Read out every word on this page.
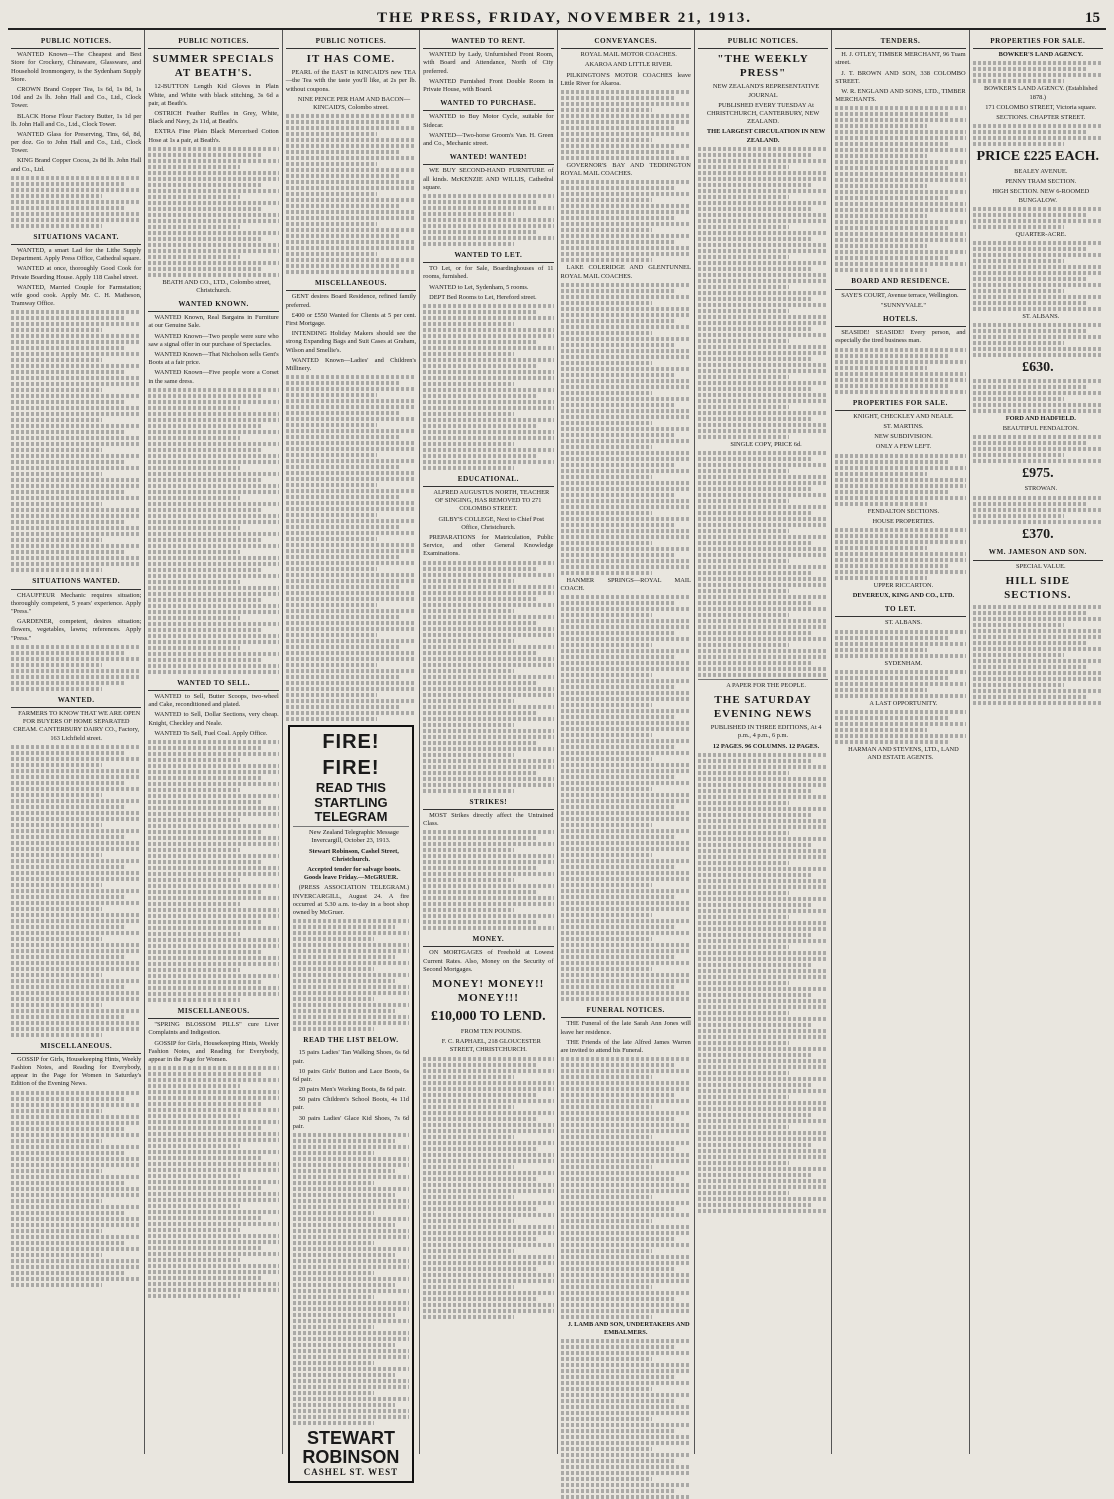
THE PRESS, FRIDAY, NOVEMBER 21, 1913.	15
PUBLIC NOTICES.

WANTED Known—The Cheapest and Best Store for Crockery, Chinaware, Glassware, and Household Ironmongery, is the Sydenham Supply Store.

CROWN Brand Copper Tea, 1s 6d, 1s 8d, 1s 10d and 2s lb. John Hall and Co., Ltd., Clock Tower.

BLACK Horse Flour Factory Butter, 1s 1d per lb. John Hall and Co., Ltd., Clock Tower.

WANTED Glass for Preserving, Tins, 6d, 8d, per doz. Go to John Hall and Co., Ltd., Clock Tower.

KING Brand Copper Cocoa, 2s 8d lb. John Hall and Co., Ltd.

SITUATIONS VACANT.

WANTED, a smart Lad for the Lithe Supply Department. Apply Press Office, Cathedral square.

WANTED at once, thoroughly Good Cook for Private Boarding House. Apply 118 Cashel street.

WANTED, Married Couple for Farmstation; wife good cook. Apply Mr. C. H. Matheson, Tramway Office.

SITUATIONS WANTED.

CHAUFFEUR Mechanic requires situation; thoroughly competent, 5 years' experience. Apply "Press."

GARDENER, competent, desires situation; flowers, vegetables, lawns; references. Apply "Press."

WANTED.

FARMERS TO KNOW THAT WE ARE OPEN FOR BUYERS OF HOME SEPARATED CREAM. CANTERBURY DAIRY CO., Factory, 163 Lichfield street.

MISCELLANEOUS.

GOSSIP for Girls, Housekeeping Hints, Weekly Fashion Notes, and Reading for Everybody, appear in the Page for Women in Saturday's Edition of the Evening News.

PUBLIC NOTICES.
SUMMER SPECIALS AT BEATH'S.

12-BUTTON Length Kid Gloves in Plain White, and White with black stitching, 3s 6d a pair, at Beath's.

OSTRICH Feather Ruffles in Grey, White, Black and Navy, 2s 11d, at Beath's.

EXTRA Fine Plain Black Mercerised Cotton Hose at 1s a pair, at Beath's.

BEATH AND CO., LTD., Colombo street, Christchurch.

WANTED KNOWN.

WANTED Known, Real Bargains in Furniture at our Genuine Sale.

WANTED Known—Two people were sure who saw a signal offer in our purchase of Spectacles.

WANTED Known—That Nicholson sells Gent's Boots at a fair price.

WANTED Known—Five people wore a Corset in the same dress.

WANTED TO SELL.

WANTED to Sell, Butter Scoops, two-wheel and Cake, reconditioned and plated.

WANTED to Sell, Dollar Sections, very cheap. Knight, Checkley and Neale.

WANTED To Sell, Fuel Coal. Apply Office.

MISCELLANEOUS.

"SPRING BLOSSOM PILLS" cure Liver Complaints and Indigestion.

GOSSIP for Girls, Housekeeping Hints, Weekly Fashion Notes, and Reading for Everybody, appear in the Page for Women.

PUBLIC NOTICES.
IT HAS COME.

PEARL of the EAST in KINCAID'S new TEA—the Tea with the taste you'll like, at 2s per lb. without coupons.

NINE PENCE PER HAM AND BACON—KINCAID'S, Colombo street.

MISCELLANEOUS.

GENT desires Board Residence, refined family preferred.

£400 or £550 Wanted for Clients at 5 per cent. First Mortgage.

INTENDING Holiday Makers should see the strong Expanding Bags and Suit Cases at Graham, Wilson and Smellie's.

WANTED Known—Ladies' and Children's Millinery.

FIRE! FIRE!
READ THIS
STARTLING TELEGRAM

New Zealand Telegraphic Message Invercargill, October 23, 1913.

Stewart Robinson, Cashel Street, Christchurch.

Accepted tender for salvage boots. Goods leave Friday.—McGRUER.

(PRESS ASSOCIATION TELEGRAM.) INVERCARGILL, August 24. A fire occurred at 5.30 a.m. to-day in a boot shop owned by McGruer.

READ THE LIST BELOW.

15 pairs Ladies' Tan Walking Shoes, 6s 6d pair.

10 pairs Girls' Button and Lace Boots, 6s 6d pair.

20 pairs Men's Working Boots, 8s 6d pair.

50 pairs Children's School Boots, 4s 11d pair.

30 pairs Ladies' Glace Kid Shoes, 7s 6d pair.

STEWART ROBINSON
CASHEL ST. WEST
WANTED TO RENT.

WANTED by Lady, Unfurnished Front Room, with Board and Attendance, North of City preferred.

WANTED Furnished Front Double Room in Private House, with Board.

WANTED TO PURCHASE.

WANTED to Buy Motor Cycle, suitable for Sidecar.

WANTED—Two-horse Groom's Van. H. Green and Co., Mechanic street.

WANTED! WANTED!

WE BUY SECOND-HAND FURNITURE of all kinds. McKENZIE AND WILLIS, Cathedral square.

WANTED TO LET.

TO Let, or for Sale, Boardinghouses of 11 rooms, furnished.

WANTED to Let, Sydenham, 5 rooms.

DEPT Bed Rooms to Let, Hereford street.

EDUCATIONAL.

ALFRED AUGUSTUS NORTH, TEACHER OF SINGING, HAS REMOVED TO 271 COLOMBO STREET.

GILBY'S COLLEGE, Next to Chief Post Office, Christchurch.

PREPARATIONS for Matriculation, Public Service, and other General Knowledge Examinations.

STRIKES!

MOST Strikes directly affect the Untrained Class.

MONEY.

ON MORTGAGES of Freehold at Lowest Current Rates. Also, Money on the Security of Second Mortgages.

MONEY! MONEY!! MONEY!!!
£10,000 TO LEND.

FROM TEN POUNDS.

F. C. RAPHAEL, 218 GLOUCESTER STREET, CHRISTCHURCH.

CONVEYANCES.

ROYAL MAIL MOTOR COACHES.

AKAROA AND LITTLE RIVER.

PILKINGTON'S MOTOR COACHES leave Little River for Akaroa.

GOVERNOR'S BAY AND TEDDINGTON ROYAL MAIL COACHES.

LAKE COLERIDGE AND GLENTUNNEL ROYAL MAIL COACHES.

HANMER SPRINGS—ROYAL MAIL COACH.

FUNERAL NOTICES.

THE Funeral of the late Sarah Ann Jones will leave her residence.

THE Friends of the late Alfred James Warren are invited to attend his Funeral.

J. LAMB AND SON, UNDERTAKERS AND EMBALMERS.

PUBLIC NOTICES.
"THE WEEKLY PRESS"

NEW ZEALAND'S REPRESENTATIVE JOURNAL

PUBLISHED EVERY TUESDAY At CHRISTCHURCH, CANTERBURY, NEW ZEALAND.

THE LARGEST CIRCULATION IN NEW ZEALAND.

SINGLE COPY, PRICE 6d.

A PAPER FOR THE PEOPLE.

THE SATURDAY EVENING NEWS

PUBLISHED IN THREE EDITIONS, At 4 p.m., 4 p.m., 6 p.m.

12 PAGES. 96 COLUMNS. 12 PAGES.

TENDERS.

H. J. OTLEY, TIMBER MERCHANT, 96 Tuam street.

J. T. BROWN AND SON, 338 COLOMBO STREET.

W. R. ENGLAND AND SONS, LTD., TIMBER MERCHANTS.

BOARD AND RESIDENCE.

SAYE'S COURT, Avenue terrace, Wellington.

"SUNNYVALE."

HOTELS.

SEASIDE! SEASIDE! Every person, and especially the tired business man.

PROPERTIES FOR SALE.

KNIGHT, CHECKLEY AND NEALE.

ST. MARTINS.

NEW SUBDIVISION.

ONLY A FEW LEFT.

FENDALTON SECTIONS.

HOUSE PROPERTIES.

UPPER RICCARTON.

DEVEREUX, KING AND CO., LTD.

TO LET.

ST. ALBANS.

SYDENHAM.

A LAST OPPORTUNITY.

HARMAN AND STEVENS, LTD., LAND AND ESTATE AGENTS.

PROPERTIES FOR SALE.

BOWKER'S LAND AGENCY.

BOWKER'S LAND AGENCY. (Established 1878.)

171 COLOMBO STREET, Victoria square.

SECTIONS. CHAPTER STREET.

PRICE £225 EACH.

BEALEY AVENUE.

PENNY TRAM SECTION.

HIGH SECTION. NEW 6-ROOMED BUNGALOW.

QUARTER-ACRE.

ST. ALBANS.

£630.

FORD AND HADFIELD.

BEAUTIFUL FENDALTON.

£975.

STROWAN.

£370.
WM. JAMESON AND SON.

SPECIAL VALUE.

HILL SIDE SECTIONS.
